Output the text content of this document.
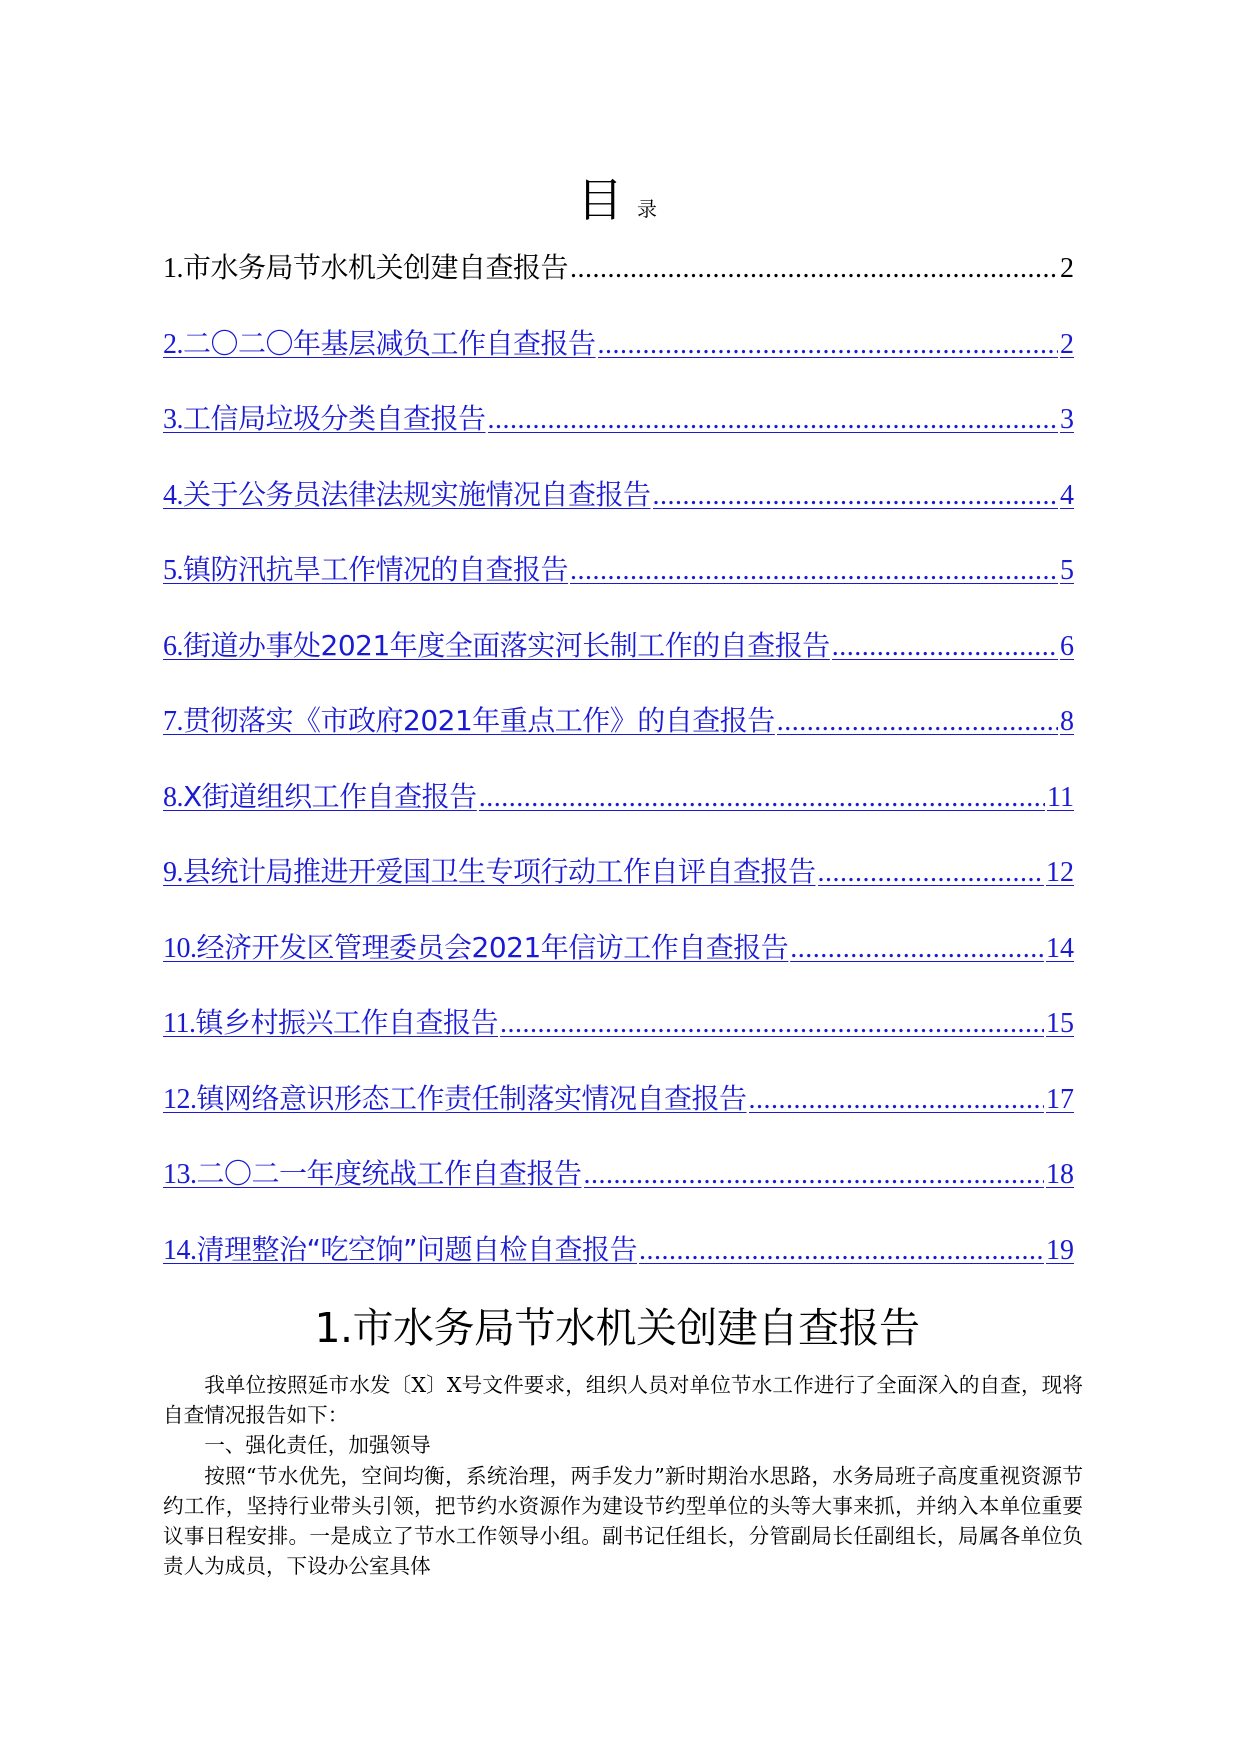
目录
1.市水务局节水机关创建自查报告 .....	2
2.二〇二〇年基层减负工作自查报告 .....	2
3.工信局垃圾分类自查报告 .....	3
4.关于公务员法律法规实施情况自查报告 .....	4
5.镇防汛抗旱工作情况的自查报告 .....	5
6.街道办事处2021年度全面落实河长制工作的自查报告 .....	6
7.贯彻落实《市政府2021年重点工作》的自查报告 .....	8
8.X街道组织工作自查报告 .....	11
9.县统计局推进开爱国卫生专项行动工作自评自查报告 .....	12
10.经济开发区管理委员会2021年信访工作自查报告 .....	14
11.镇乡村振兴工作自查报告 .....	15
12.镇网络意识形态工作责任制落实情况自查报告 .....	17
13.二〇二一年度统战工作自查报告 .....	18
14.清理整治“吃空饷”问题自检自查报告 .....	19
1.市水务局节水机关创建自查报告

我单位按照延市水发〔X〕X号文件要求，组织人员对单位节水工作进行了全面深入的自查，现将自查情况报告如下：

一、强化责任，加强领导

按照“节水优先，空间均衡，系统治理，两手发力”新时期治水思路，水务局班子高度重视资源节约工作，坚持行业带头引领，把节约水资源作为建设节约型单位的头等大事来抓，并纳入本单位重要议事日程安排。一是成立了节水工作领导小组。副书记任组长，分管副局长任副组长，局属各单位负责人为成员，下设办公室具体
